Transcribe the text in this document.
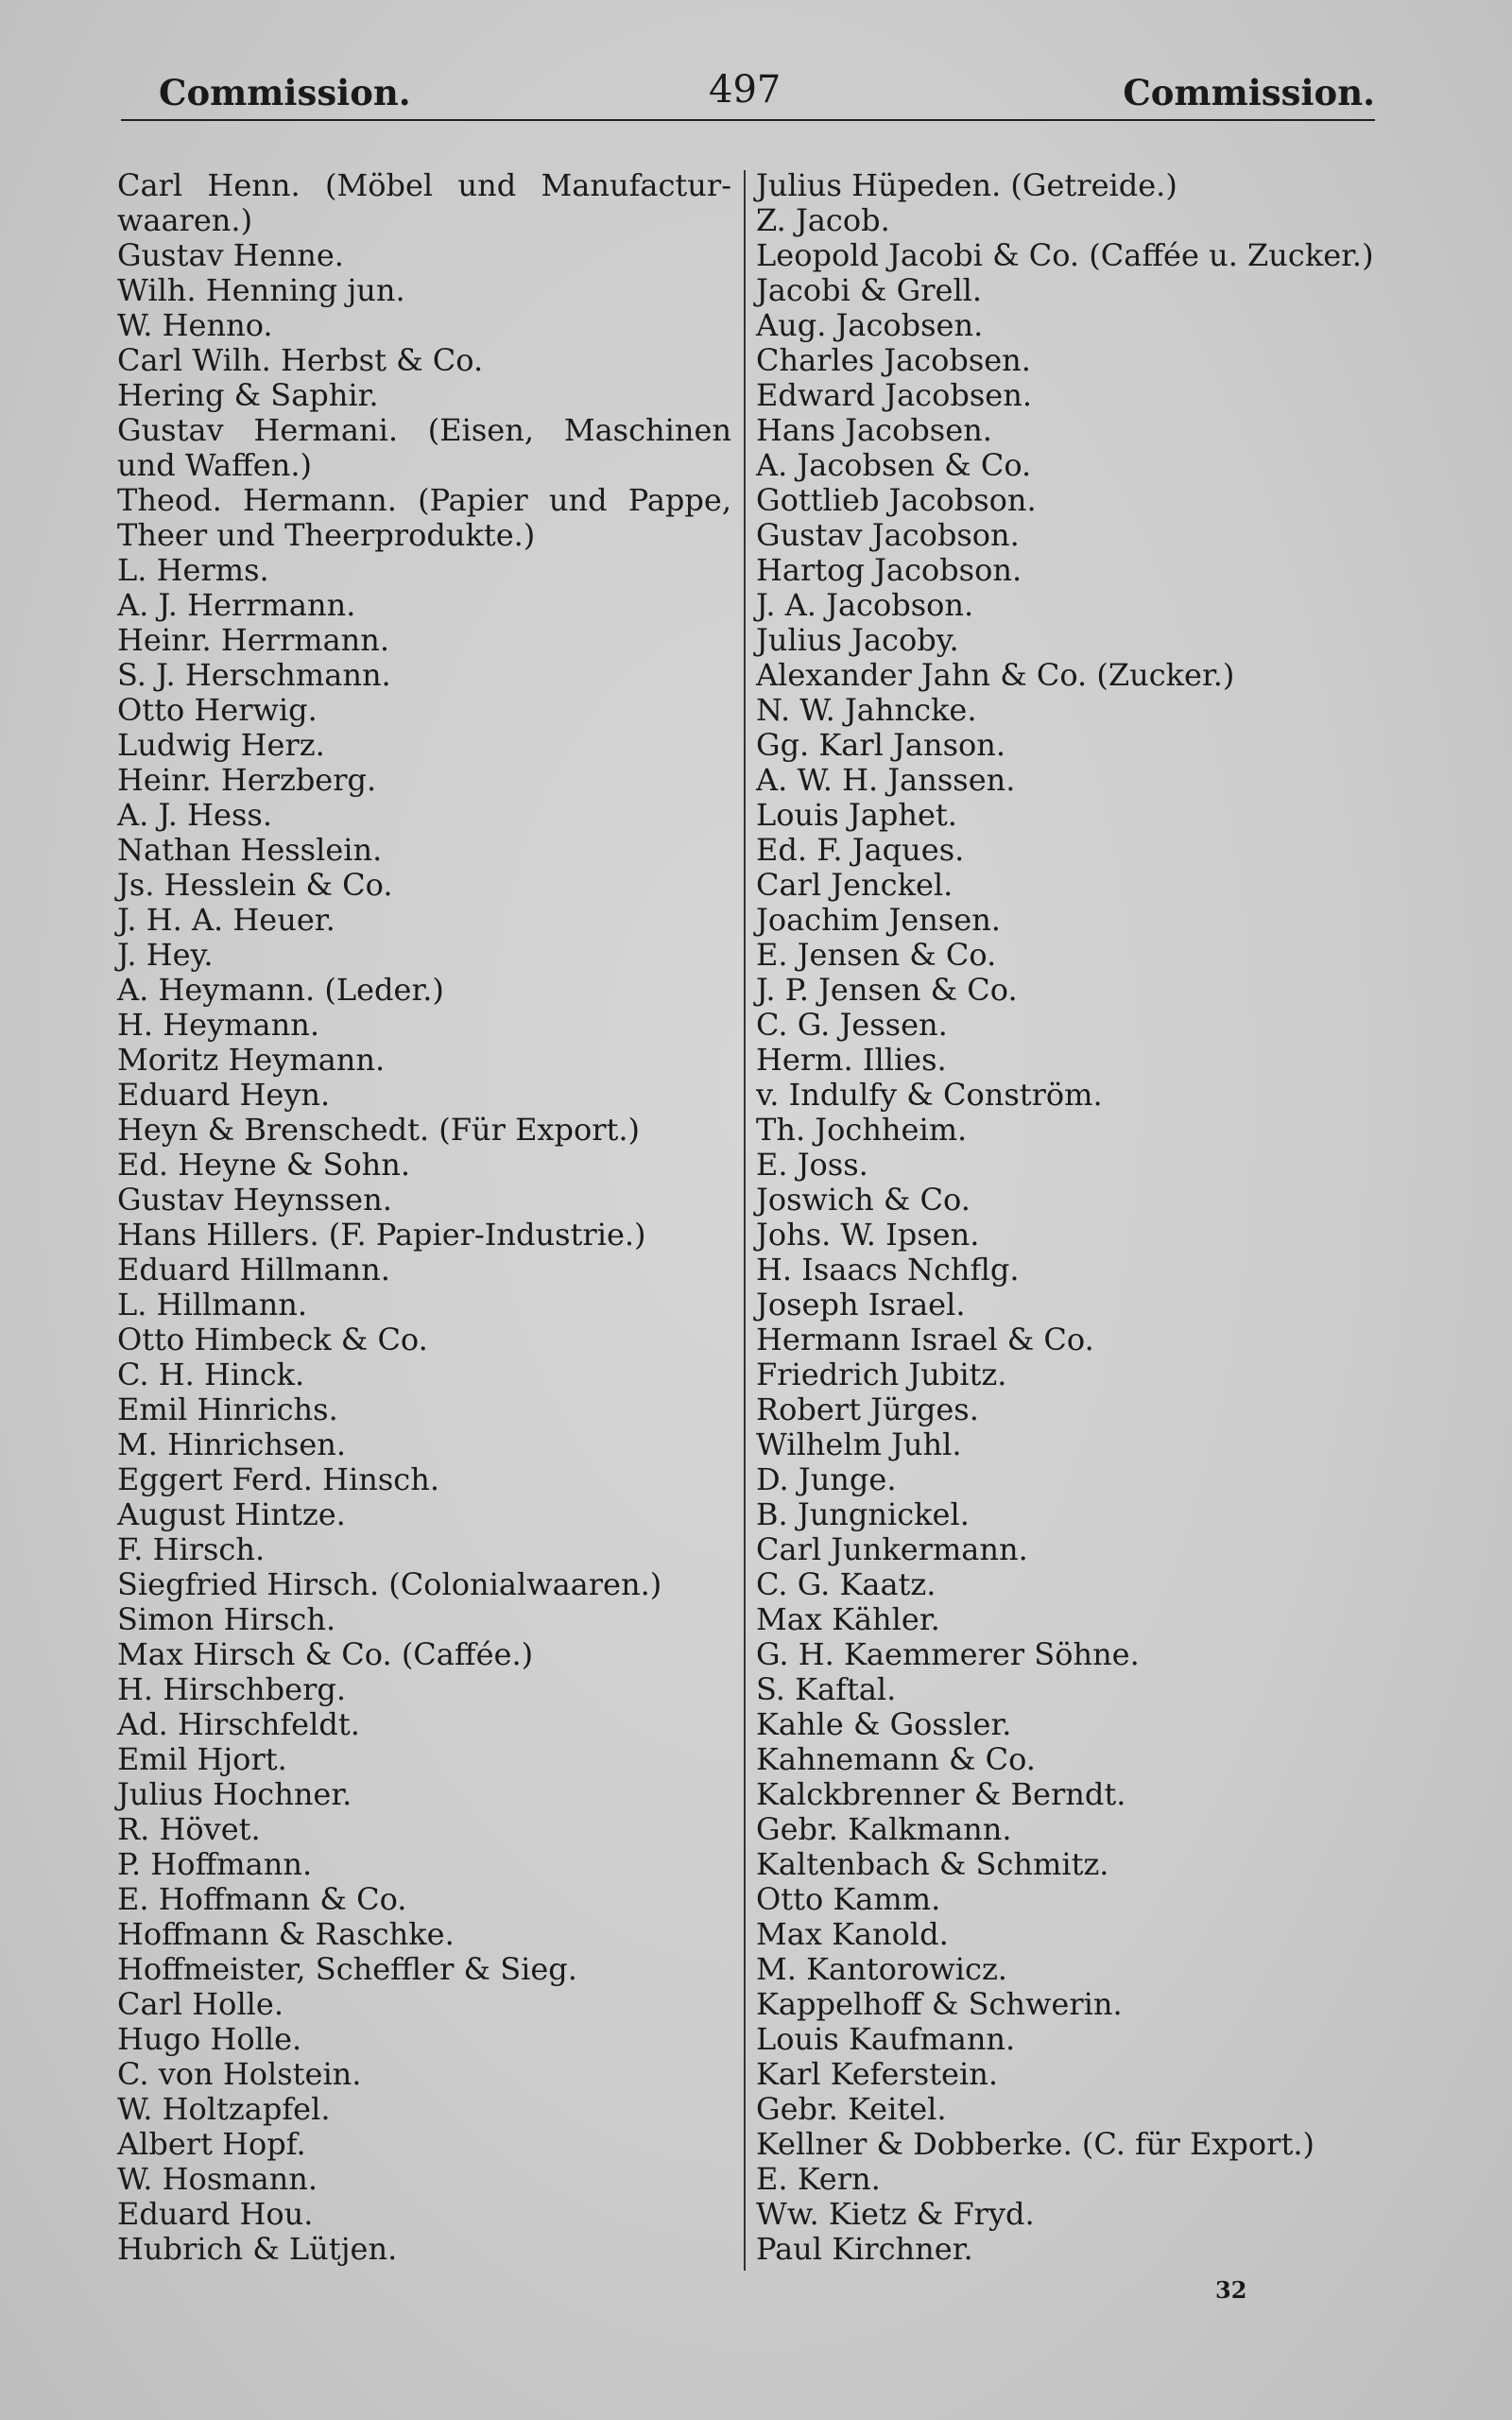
Commission.	497	Commission.
Carl Henn. (Möbel und Manufactur-waaren.)
Gustav Henne.
Wilh. Henning jun.
W. Henno.
Carl Wilh. Herbst & Co.
Hering & Saphir.
Gustav Hermani. (Eisen, Maschinen und Waffen.)
Theod. Hermann. (Papier und Pappe, Theer und Theerprodukte.)
L. Herms.
A. J. Herrmann.
Heinr. Herrmann.
S. J. Herschmann.
Otto Herwig.
Ludwig Herz.
Heinr. Herzberg.
A. J. Hess.
Nathan Hesslein.
Js. Hesslein & Co.
J. H. A. Heuer.
J. Hey.
A. Heymann. (Leder.)
H. Heymann.
Moritz Heymann.
Eduard Heyn.
Heyn & Brenschedt. (Für Export.)
Ed. Heyne & Sohn.
Gustav Heynssen.
Hans Hillers. (F. Papier-Industrie.)
Eduard Hillmann.
L. Hillmann.
Otto Himbeck & Co.
C. H. Hinck.
Emil Hinrichs.
M. Hinrichsen.
Eggert Ferd. Hinsch.
August Hintze.
F. Hirsch.
Siegfried Hirsch. (Colonialwaaren.)
Simon Hirsch.
Max Hirsch & Co. (Caffée.)
H. Hirschberg.
Ad. Hirschfeldt.
Emil Hjort.
Julius Hochner.
R. Hövet.
P. Hoffmann.
E. Hoffmann & Co.
Hoffmann & Raschke.
Hoffmeister, Scheffler & Sieg.
Carl Holle.
Hugo Holle.
C. von Holstein.
W. Holtzapfel.
Albert Hopf.
W. Hosmann.
Eduard Hou.
Hubrich & Lütjen.
Julius Hüpeden. (Getreide.)
Z. Jacob.
Leopold Jacobi & Co. (Caffée u. Zucker.)
Jacobi & Grell.
Aug. Jacobsen.
Charles Jacobsen.
Edward Jacobsen.
Hans Jacobsen.
A. Jacobsen & Co.
Gottlieb Jacobson.
Gustav Jacobson.
Hartog Jacobson.
J. A. Jacobson.
Julius Jacoby.
Alexander Jahn & Co. (Zucker.)
N. W. Jahncke.
Gg. Karl Janson.
A. W. H. Janssen.
Louis Japhet.
Ed. F. Jaques.
Carl Jenckel.
Joachim Jensen.
E. Jensen & Co.
J. P. Jensen & Co.
C. G. Jessen.
Herm. Illies.
v. Indulfy & Conström.
Th. Jochheim.
E. Joss.
Joswich & Co.
Johs. W. Ipsen.
H. Isaacs Nchflg.
Joseph Israel.
Hermann Israel & Co.
Friedrich Jubitz.
Robert Jürges.
Wilhelm Juhl.
D. Junge.
B. Jungnickel.
Carl Junkermann.
C. G. Kaatz.
Max Kähler.
G. H. Kaemmerer Söhne.
S. Kaftal.
Kahle & Gossler.
Kahnemann & Co.
Kalckbrenner & Berndt.
Gebr. Kalkmann.
Kaltenbach & Schmitz.
Otto Kamm.
Max Kanold.
M. Kantorowicz.
Kappelhoff & Schwerin.
Louis Kaufmann.
Karl Keferstein.
Gebr. Keitel.
Kellner & Dobberke. (C. für Export.)
E. Kern.
Ww. Kietz & Fryd.
Paul Kirchner.
32
